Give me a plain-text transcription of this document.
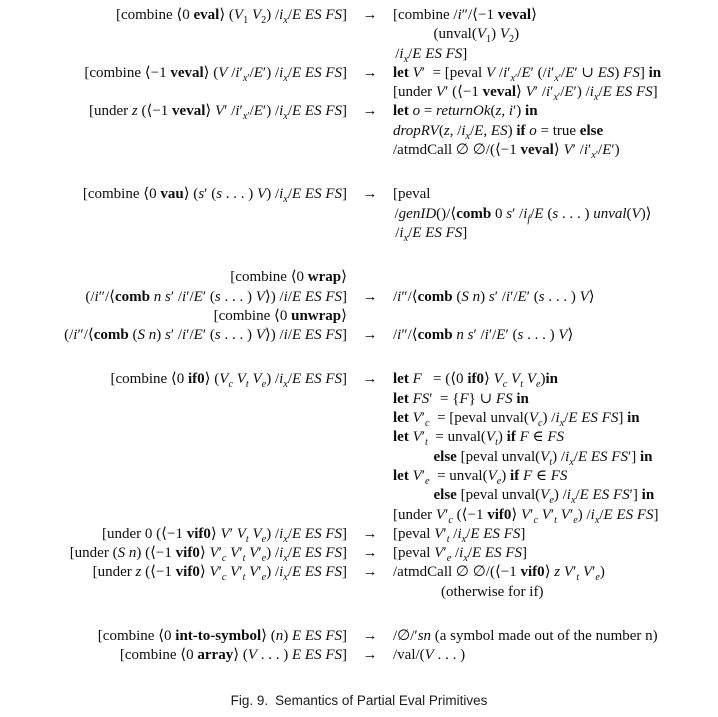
[combine ⟨0 eval⟩ ($V_1$ $V_2$) $/i_x/E$ ES FS]	→	[combine /i″/⟨−1 veval⟩
($unval(V_1)$ $V_2$)
$/i_x/E$ ES FS]
[combine ⟨−1 veval⟩ (V $/i'_{x'}/E'$) $/i_x/E$ ES FS]	→	let V′  = [peval V $/i'_{x'}/E'$ ($/i'_{x'}/E'$ ∪ ES) FS] in
[under V′ (⟨−1 veval⟩ V′ $/i'_{x'}/E'$) $/i_x/E$ ES FS]
[under z (⟨−1 veval⟩ V′ $/i'_{x'}/E'$) $/i_x/E$ ES FS]	→	let o = returnOk(z, i′) in
dropRV(z, $/i_x/E$, ES) if o = true else
/atmdCall ∅ ∅/(⟨−1 veval⟩ V′ $/i'_{x'}/E'$)
[combine ⟨0 vau⟩ (s′ (s . . . ) V) $/i_x/E$ ES FS]	→	[peval
/genID()/⟨comb 0 s′ $/i_f/E$ (s . . . ) unval(V)⟩
$/i_x/E$ ES FS]
[combine ⟨0 wrap⟩
(/i″/⟨comb n s′ /i′/E′ (s . . . ) V⟩) /i/E ES FS]	→	/i″/⟨comb (S n) s′ /i′/E′ (s . . . ) V⟩
[combine ⟨0 unwrap⟩
(/i″/⟨comb (S n) s′ /i′/E′ (s . . . ) V⟩) /i/E ES FS]	→	/i″/⟨comb n s′ /i′/E′ (s . . . ) V⟩
[combine ⟨0 if0⟩ ($V_c$ $V_t$ $V_e$) $/i_x/E$ ES FS]	→	let F   = (⟨0 if0⟩ $V_c$ $V_t$ $V_e)in$
let FS′  = {F} ∪ FS in
let $V'_c$  = [peval $unval(V_c)$ $/i_x/E$ ES FS] in
let $V'_t$  = $unval(V_t)$ if F ∈ FS
else [peval $unval(V_t)$ $/i_x/E$ ES FS′] in
let $V'_e$  = $unval(V_e)$ if F ∈ FS
else [peval $unval(V_e)$ $/i_x/E$ ES FS′] in
[under $V'_c$ (⟨−1 vif0⟩ $V'_c$ $V'_t$ $V'_e$) $/i_x/E$ ES FS]
[under 0 (⟨−1 vif0⟩ V′ $V_t$ $V_e$) $/i_x/E$ ES FS]	→	[peval $V'_t$ $/i_x/E$ ES FS]
[under (S n) (⟨−1 vif0⟩ $V'_c$ $V'_t$ $V'_e$) $/i_x/E$ ES FS]	→	[peval $V'_e$ $/i_x/E$ ES FS]
[under z (⟨−1 vif0⟩ $V'_c$ $V'_t$ $V'_e$) $/i_x/E$ ES FS]	→	/atmdCall ∅ ∅/(⟨−1 vif0⟩ z $V'_t$ $V'_e$)
(otherwise for if)
[combine ⟨0 int-to-symbol⟩ (n) E ES FS]	→	/∅/′sn (a symbol made out of the number n)
[combine ⟨0 array⟩ (V . . . ) E ES FS]	→	/val/(V . . . )
Fig. 9. Semantics of Partial Eval Primitives
